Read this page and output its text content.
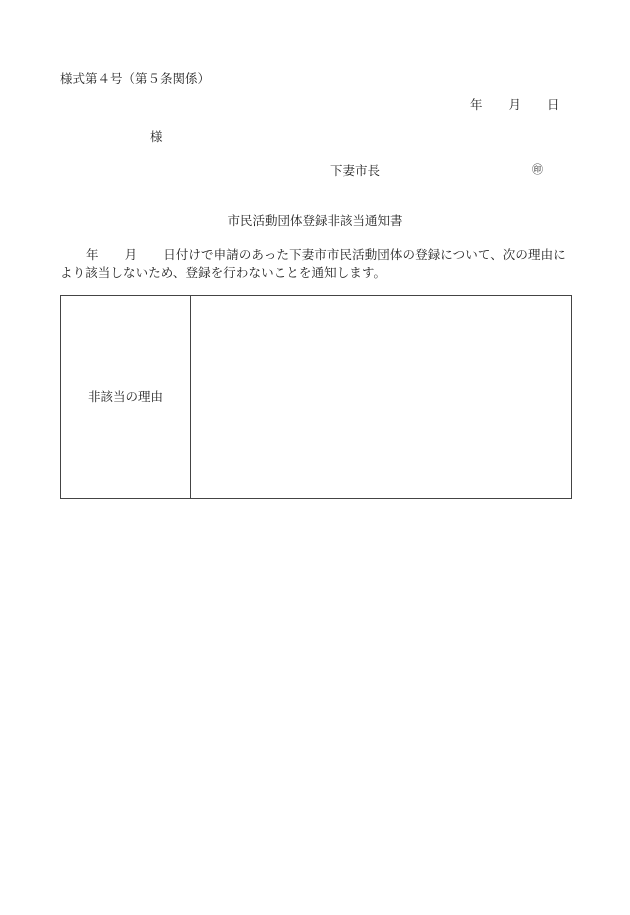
様式第４号（第５条関係）
年 月 日
様
下妻市長	㊞
市民活動団体登録非該当通知書
年 月 日付けで申請のあった下妻市市民活動団体の登録について、次の理由により該当しないため、登録を行わないことを通知します。
非該当の理由	
